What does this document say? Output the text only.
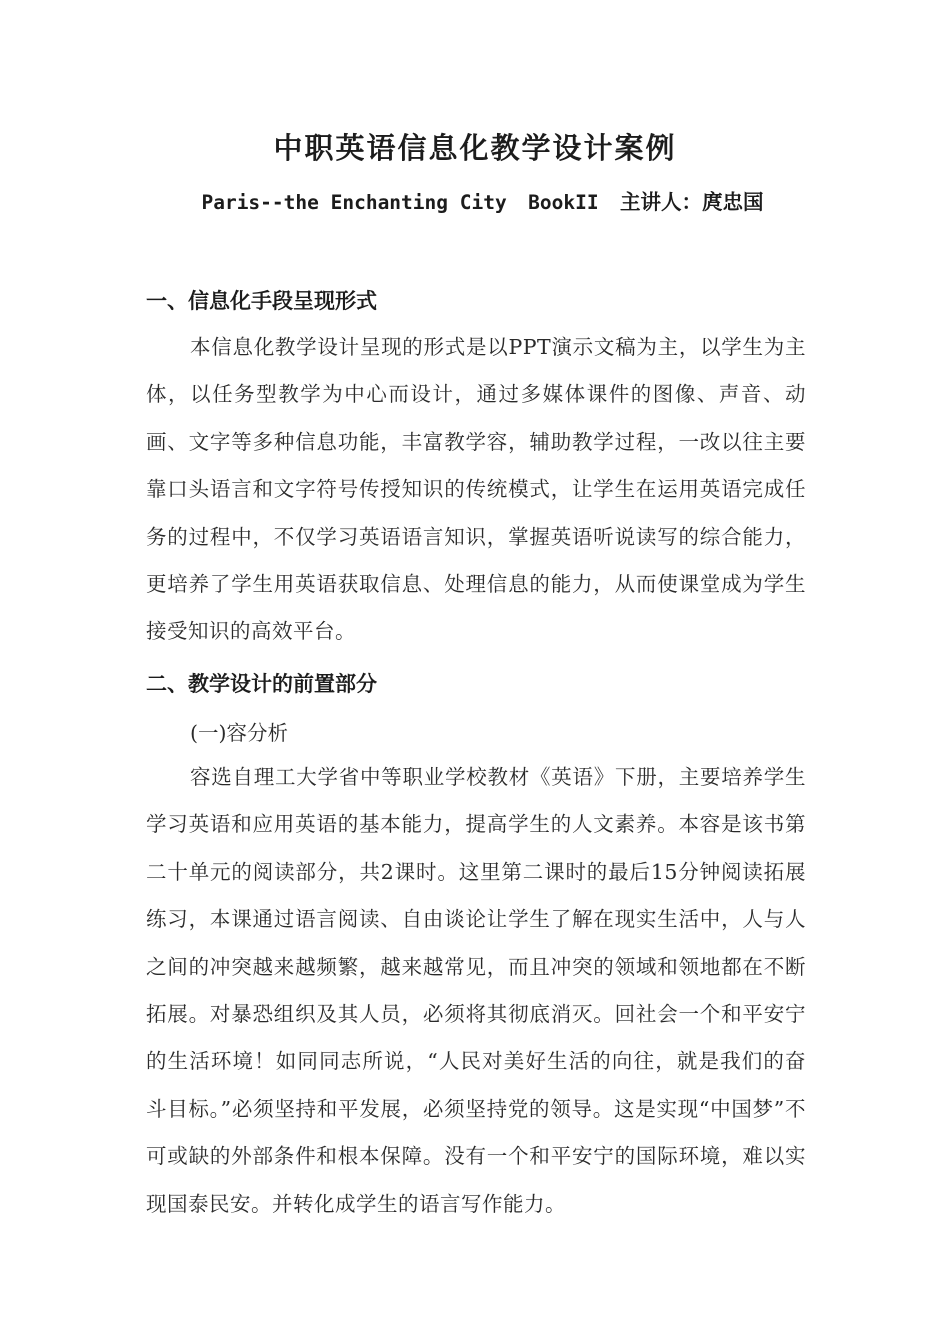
中职英语信息化教学设计案例
Paris--the Enchanting City BookII 主讲人：庹忠国
一、信息化手段呈现形式

本信息化教学设计呈现的形式是以PPT演示文稿为主，以学生为主体，以任务型教学为中心而设计，通过多媒体课件的图像、声音、动画、文字等多种信息功能，丰富教学容，辅助教学过程，一改以往主要靠口头语言和文字符号传授知识的传统模式，让学生在运用英语完成任务的过程中，不仅学习英语语言知识，掌握英语听说读写的综合能力，更培养了学生用英语获取信息、处理信息的能力，从而使课堂成为学生接受知识的高效平台。

二、教学设计的前置部分
(一)容分析

容选自理工大学省中等职业学校教材《英语》下册，主要培养学生学习英语和应用英语的基本能力，提高学生的人文素养。本容是该书第二十单元的阅读部分，共2课时。这里第二课时的最后15分钟阅读拓展练习，本课通过语言阅读、自由谈论让学生了解在现实生活中，人与人之间的冲突越来越频繁，越来越常见，而且冲突的领域和领地都在不断拓展。对暴恐组织及其人员，必须将其彻底消灭。回社会一个和平安宁的生活环境！如同同志所说，“人民对美好生活的向往，就是我们的奋斗目标。”必须坚持和平发展，必须坚持党的领导。这是实现“中国梦”不可或缺的外部条件和根本保障。没有一个和平安宁的国际环境，难以实现国泰民安。并转化成学生的语言写作能力。
